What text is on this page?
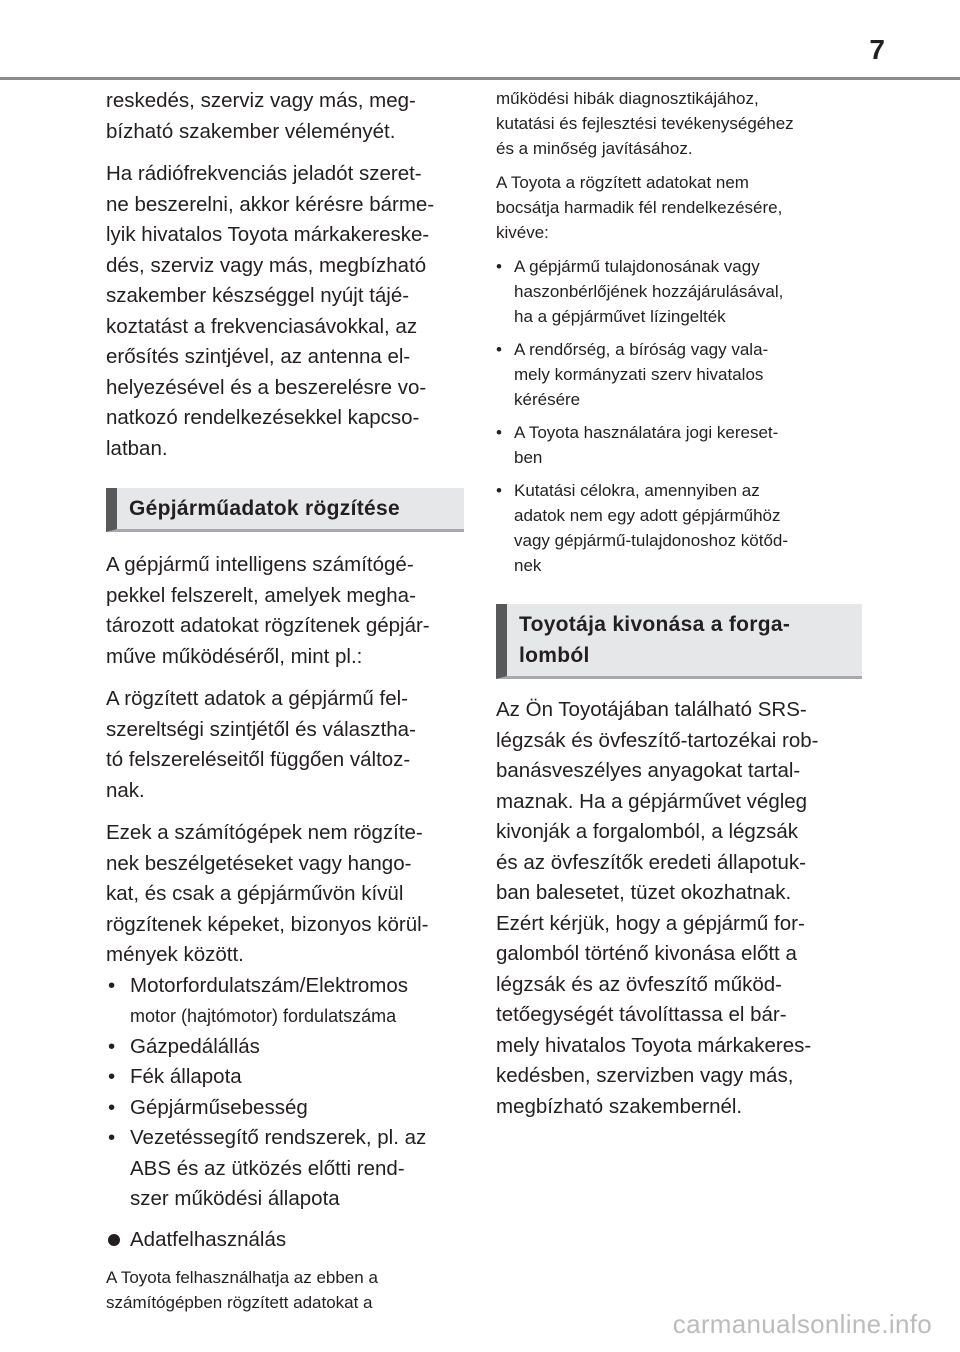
7

reskedés, szerviz vagy más, meg-
bízható szakember véleményét.

Ha rádiófrekvenciás jeladót szeret-
ne beszerelni, akkor kérésre bárme-
lyik hivatalos Toyota márkakereske-
dés, szerviz vagy más, megbízható
szakember készséggel nyújt tájé-
koztatást a frekvenciasávokkal, az
erősítés szintjével, az antenna el-
helyezésével és a beszerelésre vo-
natkozó rendelkezésekkel kapcso-
latban.

Gépjárműadatok rögzítése

A gépjármű intelligens számítógé-
pekkel felszerelt, amelyek megha-
tározott adatokat rögzítenek gépjár-
műve működéséről, mint pl.:

A rögzített adatok a gépjármű fel-
szereltségi szintjétől és választha-
tó felszereléseitől függően változ-
nak.

Ezek a számítógépek nem rögzíte-
nek beszélgetéseket vagy hango-
kat, és csak a gépjárművön kívül
rögzítenek képeket, bizonyos körül-
mények között.

• Motorfordulatszám/Elektromos
motor (hajtómotor) fordulatszáma
• Gázpedálállás
• Fék állapota
• Gépjárműsebesség
• Vezetéssegítő rendszerek, pl. az
ABS és az ütközés előtti rend-
szer működési állapota
Adatfelhasználás

A Toyota felhasználhatja az ebben a
számítógépben rögzített adatokat a

működési hibák diagnosztikájához,
kutatási és fejlesztési tevékenységéhez
és a minőség javításához.

A Toyota a rögzített adatokat nem
bocsátja harmadik fél rendelkezésére,
kivéve:

• A gépjármű tulajdonosának vagy
haszonbérlőjének hozzájárulásával,
ha a gépjárművet lízingelték
• A rendőrség, a bíróság vagy vala-
mely kormányzati szerv hivatalos
kérésére
• A Toyota használatára jogi kereset-
ben
• Kutatási célokra, amennyiben az
adatok nem egy adott gépjárműhöz
vagy gépjármű-tulajdonoshoz kötőd-
nek
Toyotája kivonása a forga-
lomból

Az Ön Toyotájában található SRS-
légzsák és övfeszítő-tartozékai rob-
banásveszélyes anyagokat tartal-
maznak. Ha a gépjárművet végleg
kivonják a forgalomból, a légzsák
és az övfeszítők eredeti állapotuk-
ban balesetet, tüzet okozhatnak.
Ezért kérjük, hogy a gépjármű for-
galomból történő kivonása előtt a
légzsák és az övfeszítő működ-
tetőegységét távolíttassa el bár-
mely hivatalos Toyota márkakeres-
kedésben, szervizben vagy más,
megbízható szakembernél.

carmanualsonline.info
